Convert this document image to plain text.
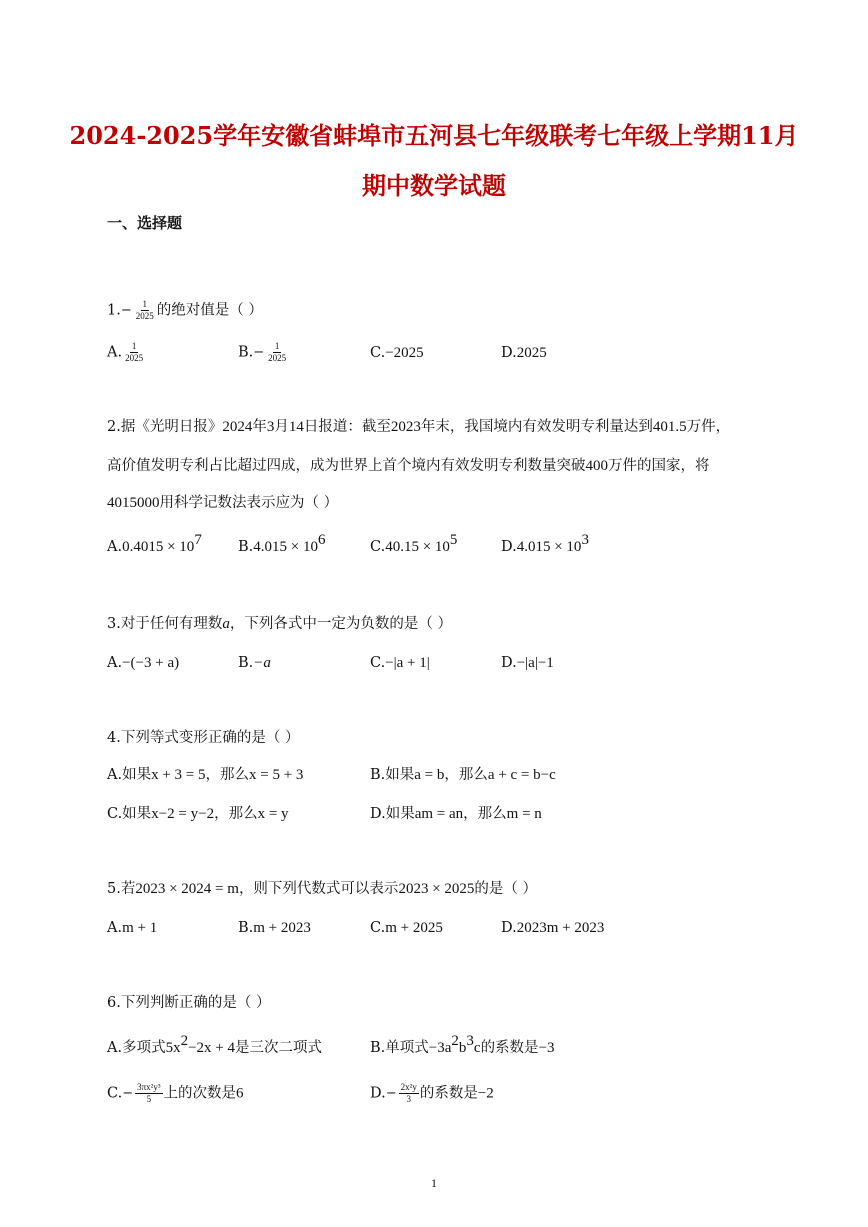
2024-2025学年安徽省蚌埠市五河县七年级联考七年级上学期11月
期中数学试题
一、选择题
$1.- \frac{1}{2025}$ 的绝对值是（ ）
A. $\frac{1}{2025}$	$B.- \frac{1}{2025}$	C.−2025	D.2025
2.据《光明日报》2024年3月14日报道：截至2023年末，我国境内有效发明专利量达到401.5万件，
高价值发明专利占比超过四成，成为世界上首个境内有效发明专利数量突破400万件的国家，将
4015000用科学记数法表示应为（ ）
$A.0.4015 \times 10^7$ $B.4.015 \times 10^6$	$C.40.15 \times 10^5$	$D.4.015 \times 10^3$
3.对于任何有理数a，下列各式中一定为负数的是（ ）
A.−(−3 + a)	B.−a	C.−|a + 1|	D.−|a|−1
4.下列等式变形正确的是（ ）
A.如果x + 3 = 5，那么x = 5 + 3	B.如果a = b，那么a + c = b−c
C.如果x−2 = y−2，那么x = y	D.如果am = an，那么m = n
5.若2023 × 2024 = m，则下列代数式可以表示2023 × 2025的是（ ）
A.m + 1	B.m + 2023	C.m + 2025	D.2023m + 2023
6.下列判断正确的是（ ）
A.多项式$5x^2-2x + 4$是三次二项式	B.单项式$-3a^2b^3c$的系数是−3
$C.- \frac{\text{3πx²y³}}{5}$ 上的次数是6	$D.- \frac{\text{2x²y}}{3}$ 的系数是−2
1
